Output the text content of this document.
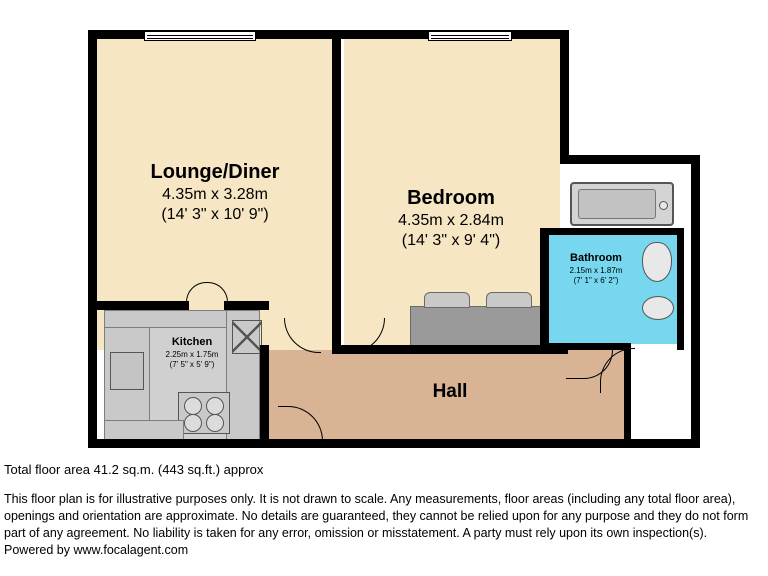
Lounge/Diner
4.35m x 3.28m
(14' 3" x 10' 9")
Bedroom
4.35m x 2.84m
(14' 3" x 9' 4")
Kitchen
2.25m x 1.75m
(7' 5" x 5' 9")
Bathroom
2.15m x 1.87m
(7' 1" x 6' 2")
Hall
Total floor area 41.2 sq.m. (443 sq.ft.) approx

This floor plan is for illustrative purposes only. It is not drawn to scale. Any measurements, floor areas (including any total floor area), openings and orientation are approximate. No details are guaranteed, they cannot be relied upon for any purpose and they do not form part of any agreement. No liability is taken for any error, omission or misstatement. A party must rely upon its own inspection(s).
Powered by www.focalagent.com
